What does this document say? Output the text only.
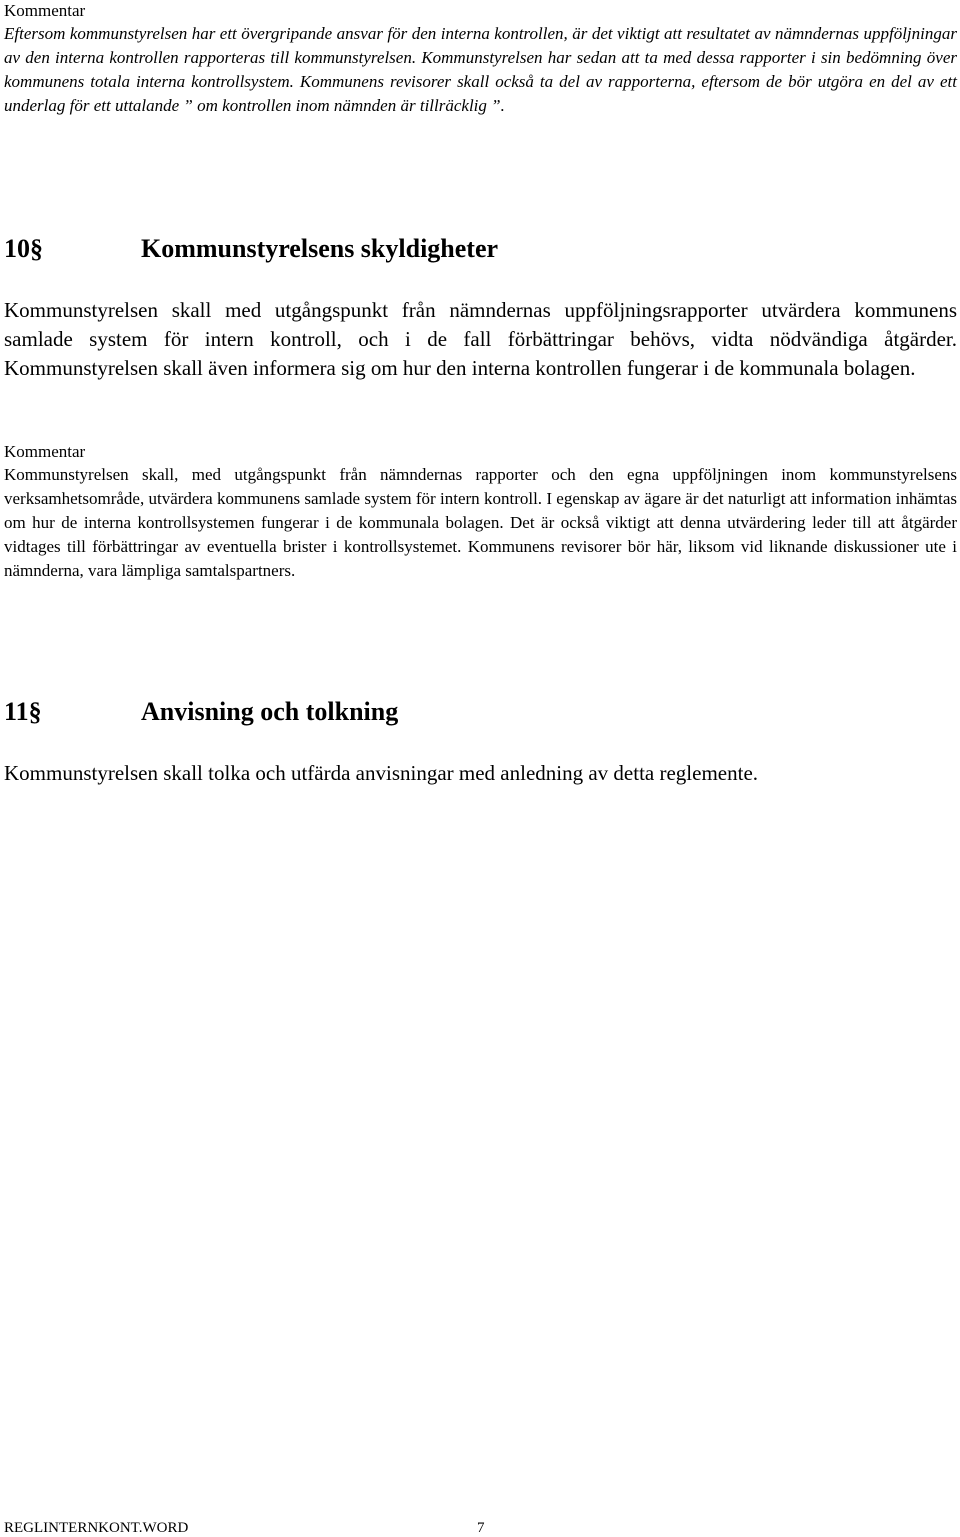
Kommentar

Eftersom kommunstyrelsen har ett övergripande ansvar för den interna kontrollen, är det viktigt att resultatet av nämndernas uppföljningar av den interna kontrollen rapporteras till kommunstyrelsen. Kommunstyrelsen har sedan att ta med dessa rapporter i sin bedömning över kommunens totala interna kontrollsystem. Kommunens revisorer skall också ta del av rapporterna, eftersom de bör utgöra en del av ett underlag för ett uttalande ” om kontrollen inom nämnden är tillräcklig ”.

10§	Kommunstyrelsens skyldigheter

Kommunstyrelsen skall med utgångspunkt från nämndernas uppföljningsrapporter utvärdera kommunens samlade system för intern kontroll, och i de fall förbättringar behövs, vidta nödvändiga åtgärder. Kommunstyrelsen skall även informera sig om hur den interna kontrollen fungerar i de kommunala bolagen.

Kommentar

Kommunstyrelsen skall, med utgångspunkt från nämndernas rapporter och den egna uppföljningen inom kommunstyrelsens verksamhetsområde, utvärdera kommunens samlade system för intern kontroll. I egenskap av ägare är det naturligt att information inhämtas om hur de interna kontrollsystemen fungerar i de kommunala bolagen. Det är också viktigt att denna utvärdering leder till att åtgärder vidtages till förbättringar av eventuella brister i kontrollsystemet. Kommunens revisorer bör här, liksom vid liknande diskussioner ute i nämnderna, vara lämpliga samtalspartners.

11§	Anvisning och tolkning

Kommunstyrelsen skall tolka och utfärda anvisningar med anledning av detta reglemente.

REGLINTERNKONT.WORD	7
